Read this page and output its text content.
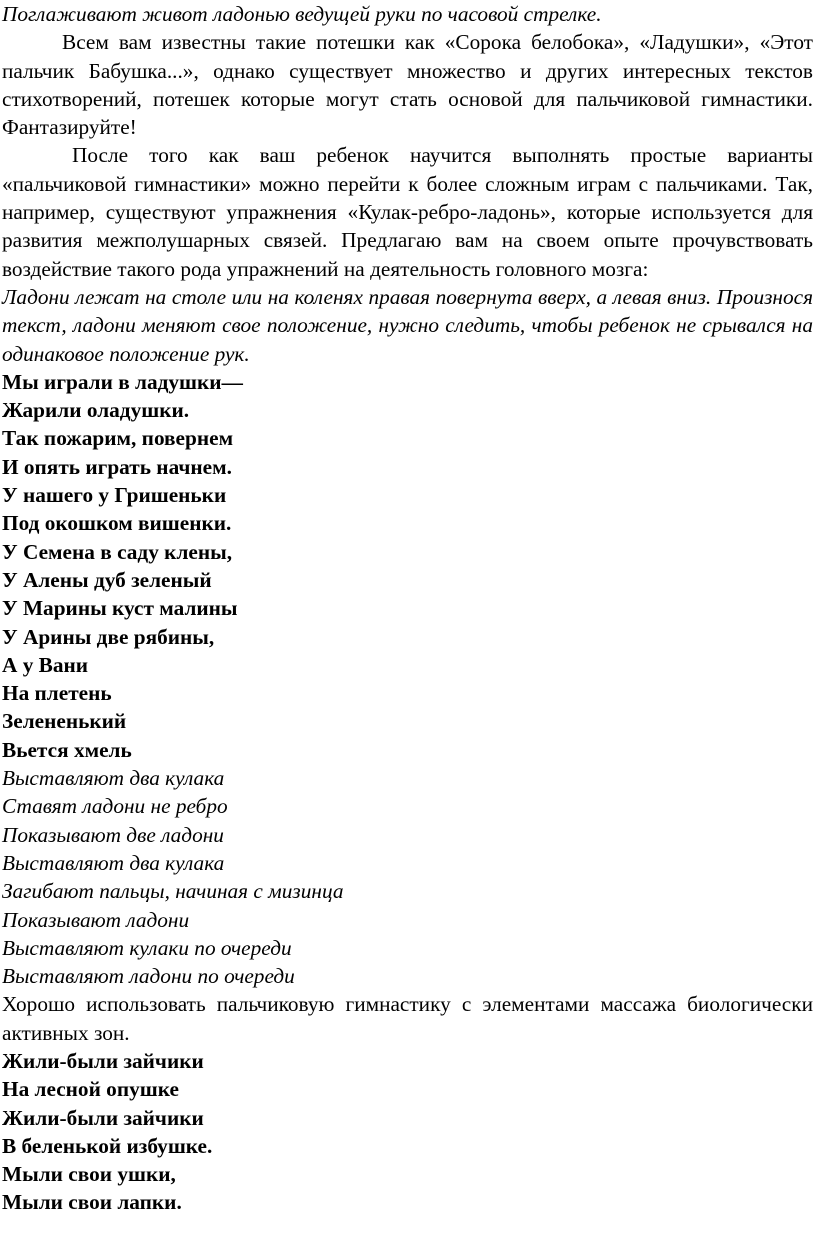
Поглаживают живот ладонью ведущей руки по часовой стрелке.

Всем вам известны такие потешки как «Сорока белобока», «Ладушки», «Этот пальчик Бабушка...», однако существует множество и других интересных текстов стихотворений, потешек которые могут стать основой для пальчиковой гимнастики. Фантазируйте!

После того как ваш ребенок научится выполнять простые варианты «пальчиковой гимнастики» можно перейти к более сложным играм с пальчиками. Так, например, существуют упражнения «Кулак-ребро-ладонь», которые используется для развития межполушарных связей. Предлагаю вам на своем опыте прочувствовать воздействие такого рода упражнений на деятельность головного мозга:

Ладони лежат на столе или на коленях правая повернута вверх, а левая вниз. Произнося текст, ладони меняют свое положение, нужно следить, чтобы ребенок не срывался на одинаковое положение рук.

Мы играли в ладушки—
Жарили оладушки.
Так пожарим, повернем
И опять играть начнем.
У нашего у Гришеньки
Под окошком вишенки.
У Семена в саду клены,
У Алены дуб зеленый
У Марины куст малины
У Арины две рябины,
А у Вани
На плетень
Зелененький
Вьется хмель
Выставляют два кулака
Ставят ладони не ребро
Показывают две ладони
Выставляют два кулака
Загибают пальцы, начиная с мизинца
Показывают ладони
Выставляют кулаки по очереди
Выставляют ладони по очереди

Хорошо использовать пальчиковую гимнастику с элементами массажа биологически активных зон.

Жили-были зайчики
На лесной опушке
Жили-были зайчики
В беленькой избушке.
Мыли свои ушки,
Мыли свои лапки.
